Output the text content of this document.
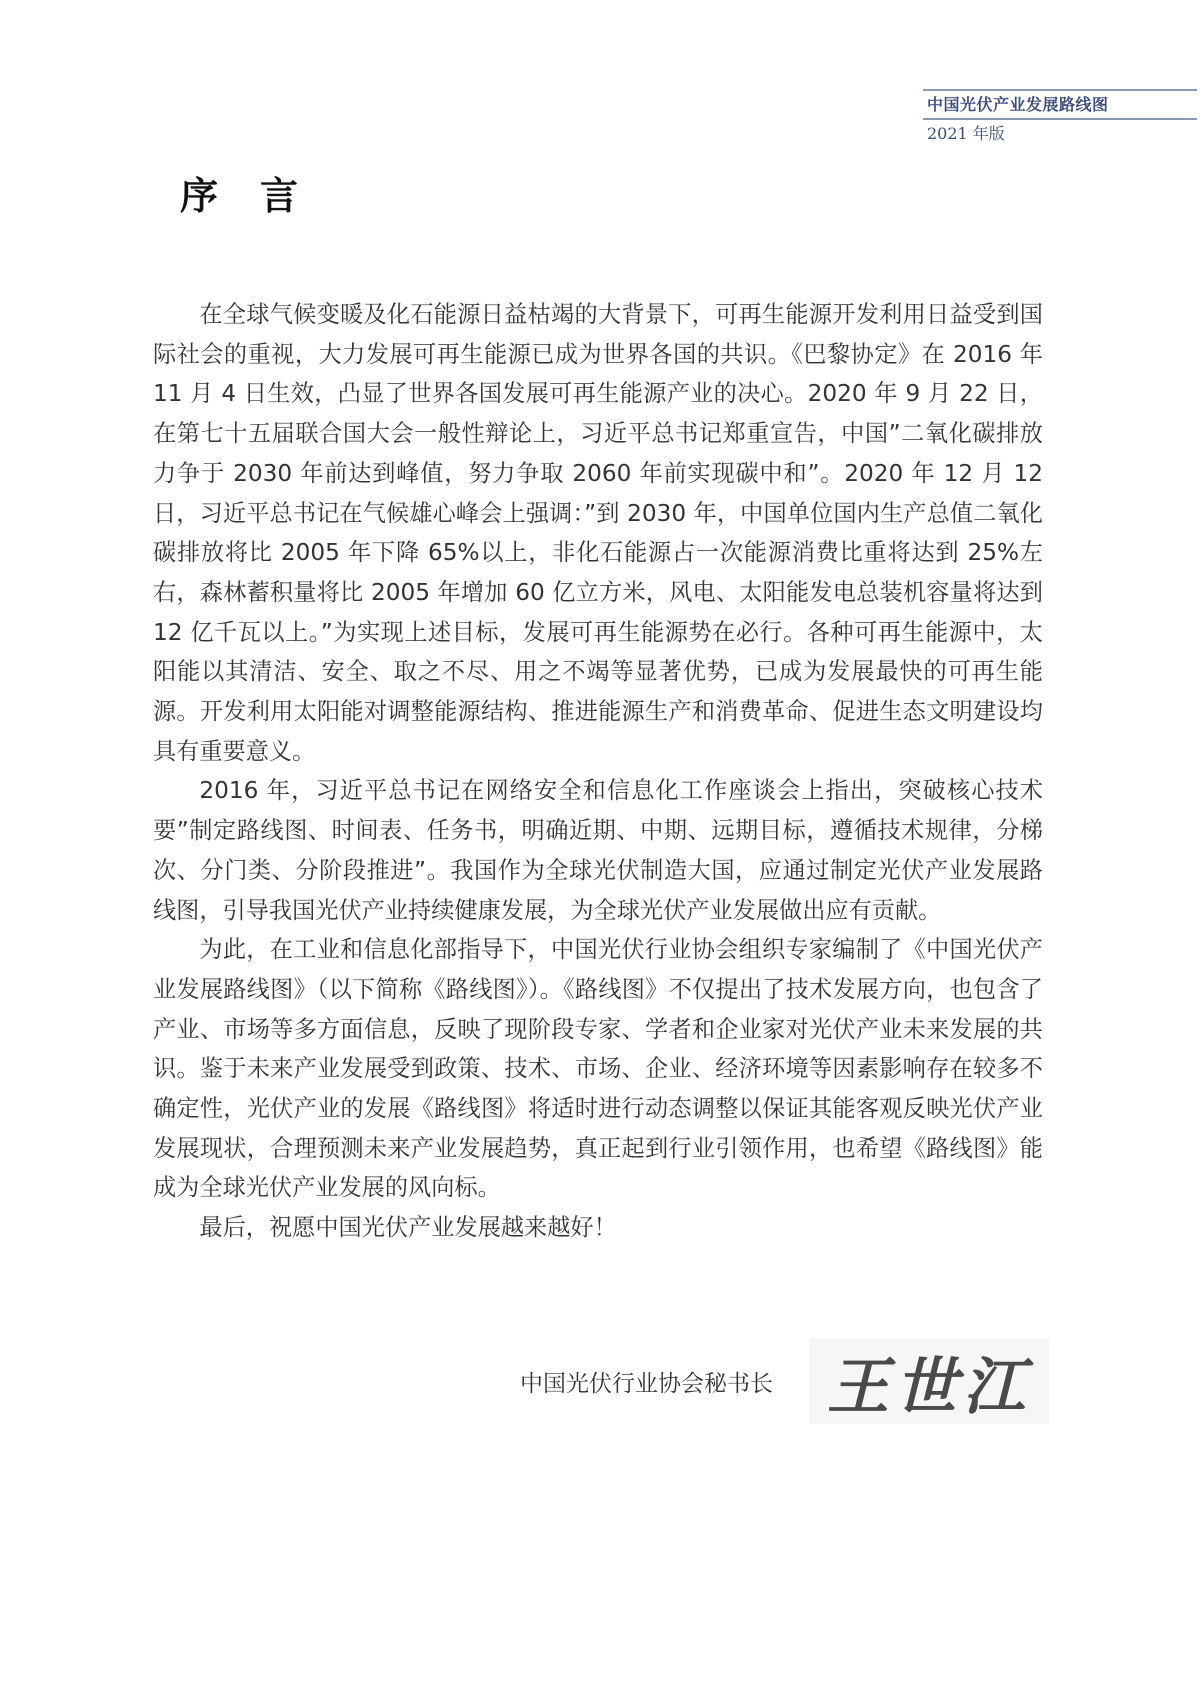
中国光伏产业发展路线图
2021 年版
序言

在全球气候变暖及化石能源日益枯竭的大背景下，可再生能源开发利用日益受到国际社会的重视，大力发展可再生能源已成为世界各国的共识。《巴黎协定》在 2016 年 11 月 4 日生效，凸显了世界各国发展可再生能源产业的决心。2020 年 9 月 22 日，在第七十五届联合国大会一般性辩论上，习近平总书记郑重宣告，中国”二氧化碳排放力争于 2030 年前达到峰值，努力争取 2060 年前实现碳中和”。2020 年 12 月 12 日，习近平总书记在气候雄心峰会上强调：”到 2030 年，中国单位国内生产总值二氧化碳排放将比 2005 年下降 65%以上，非化石能源占一次能源消费比重将达到 25%左右，森林蓄积量将比 2005 年增加 60 亿立方米，风电、太阳能发电总装机容量将达到 12 亿千瓦以上。”为实现上述目标，发展可再生能源势在必行。各种可再生能源中，太阳能以其清洁、安全、取之不尽、用之不竭等显著优势，已成为发展最快的可再生能源。开发利用太阳能对调整能源结构、推进能源生产和消费革命、促进生态文明建设均具有重要意义。

2016 年，习近平总书记在网络安全和信息化工作座谈会上指出，突破核心技术要”制定路线图、时间表、任务书，明确近期、中期、远期目标，遵循技术规律，分梯次、分门类、分阶段推进”。我国作为全球光伏制造大国，应通过制定光伏产业发展路线图，引导我国光伏产业持续健康发展，为全球光伏产业发展做出应有贡献。

为此，在工业和信息化部指导下，中国光伏行业协会组织专家编制了《中国光伏产业发展路线图》（以下简称《路线图》）。《路线图》不仅提出了技术发展方向，也包含了产业、市场等多方面信息，反映了现阶段专家、学者和企业家对光伏产业未来发展的共识。鉴于未来产业发展受到政策、技术、市场、企业、经济环境等因素影响存在较多不确定性，光伏产业的发展《路线图》将适时进行动态调整以保证其能客观反映光伏产业发展现状，合理预测未来产业发展趋势，真正起到行业引领作用，也希望《路线图》能成为全球光伏产业发展的风向标。

最后，祝愿中国光伏产业发展越来越好！

中国光伏行业协会秘书长 王世江
